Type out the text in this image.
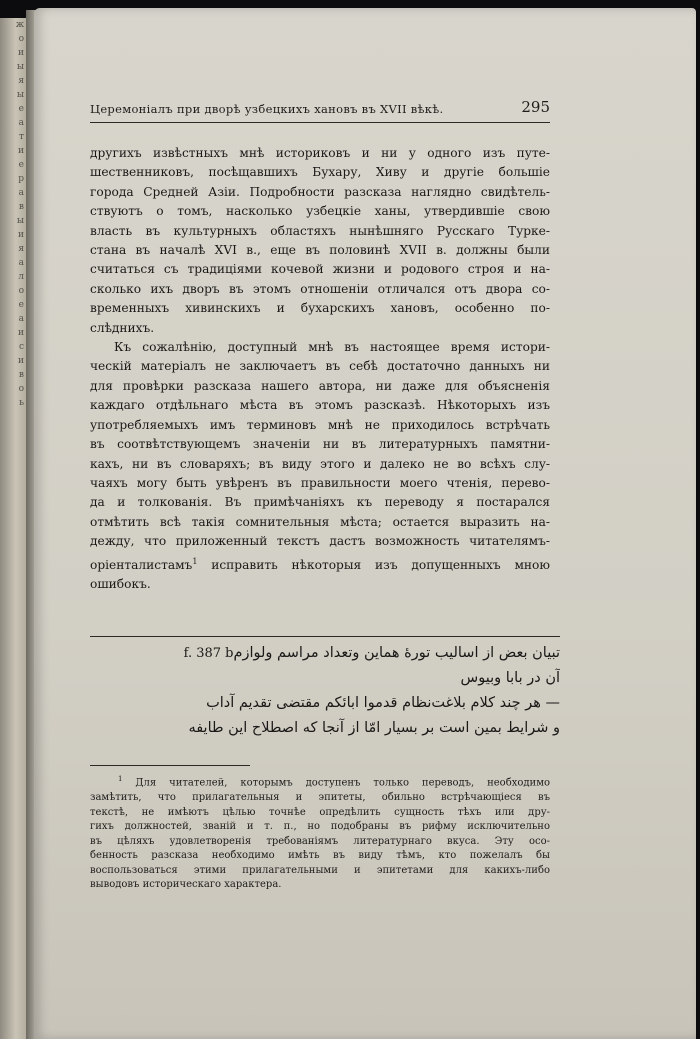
ж
о
и
ы
я
ы
е
a
т
и
е
р
а
в
ы
и
я
a
л
о
е
а
и
с
и
в
о
ь
Церемоніалъ при дворѣ узбецкихъ хановъ въ XVII вѣкѣ.	295
другихъ извѣстныхъ мнѣ историковъ и ни у одного изъ путе-
шественниковъ, посѣщавшихъ Бухару, Хиву и другіе большіе
города Средней Азіи. Подробности разсказа наглядно свидѣтель-
ствуютъ о томъ, насколько узбецкіе ханы, утвердившіе свою
власть въ культурныхъ областяхъ нынѣшняго Русскаго Туркe-
стана въ началѣ XVI в., еще въ половинѣ XVII в. должны были
считаться съ традиціями кочевой жизни и родового строя и на-
сколько ихъ дворъ въ этомъ отношеніи отличался отъ двора со-
временныхъ хивинскихъ и бухарскихъ хановъ, особенно по-
слѣднихъ.
Къ сожалѣнію, доступный мнѣ въ настоящее время истори-
ческій матеріалъ не заключаетъ въ себѣ достаточно данныхъ ни
для провѣрки разсказа нашего автора, ни даже для объясненія
каждаго отдѣльнаго мѣста въ этомъ разсказѣ. Нѣкоторыхъ изъ
употребляемыхъ имъ терминовъ мнѣ не приходилось встрѣчать
въ соотвѣтствующемъ значеніи ни въ литературныхъ памятни-
кахъ, ни въ словаряхъ; въ виду этого и далеко не во всѣхъ слу-
чаяхъ могу быть увѣренъ въ правильности моего чтенія, перево-
да и толкованія. Въ примѣчаніяхъ къ переводу я постарался
отмѣтить всѣ такія сомнительныя мѣста; остается выразить на-
дежду, что приложенный текстъ дастъ возможность читателямъ-
оріенталистамъ$^1$ исправить нѣкоторыя изъ допущенныхъ мною
ошибокъ.
تبیان بعض از اسالیب تورهٔ هماین وتعداد مراسم ولوازمf. 387 b
آن در بابا وبیوس
— هر چند کلام بلاغت‌نظام قدموا ابائکم مقتضی تقدیم آداب
و شرایط بمین است بر بسیار امّا از آنجا که اصطلاح این طایفه
$^1$ Для читателей, которымъ доступенъ только переводъ, необходимо
замѣтить, что прилагательныя и эпитеты, обильно встрѣчающіеся въ
текстѣ, не имѣютъ цѣлью точнѣе опредѣлить сущность тѣхъ или дру-
гихъ должностей, званій и т. п., но подобраны въ рифму исключительно
въ цѣляхъ удовлетворенія требованіямъ литературнаго вкуса. Эту осо-
бенность разсказа необходимо имѣть въ виду тѣмъ, кто пожелалъ бы
воспользоваться этими прилагательными и эпитетами для какихъ-либо
выводовъ историческаго характера.
